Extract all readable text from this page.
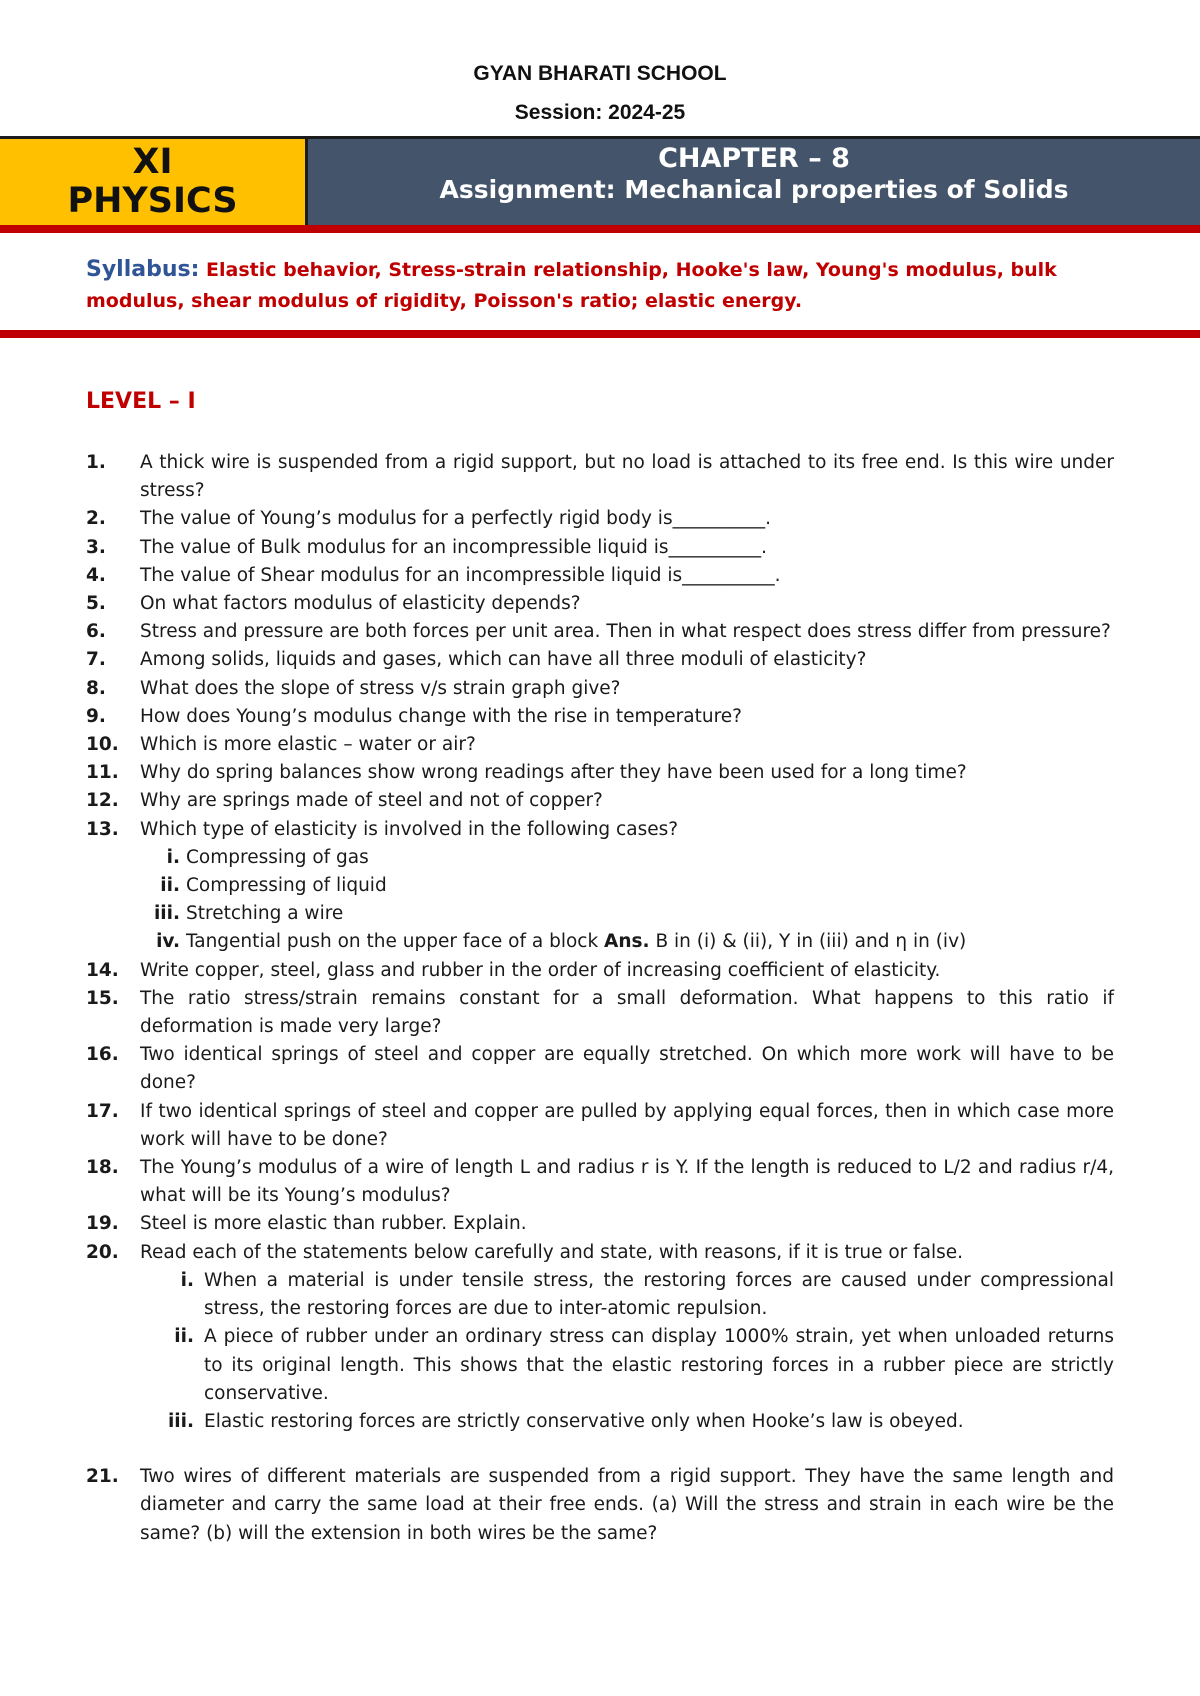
GYAN BHARATI SCHOOL
Session: 2024-25
XI
PHYSICS
CHAPTER – 8
Assignment: Mechanical properties of Solids
Syllabus: Elastic behavior, Stress-strain relationship, Hooke's law, Young's modulus, bulk modulus, shear modulus of rigidity, Poisson's ratio; elastic energy.
LEVEL – I
1.	A thick wire is suspended from a rigid support, but no load is attached to its free end. Is this wire under stress?
2.	The value of Young’s modulus for a perfectly rigid body is__________.
3.	The value of Bulk modulus for an incompressible liquid is__________.
4.	The value of Shear modulus for an incompressible liquid is__________.
5.	On what factors modulus of elasticity depends?
6.	Stress and pressure are both forces per unit area. Then in what respect does stress differ from pressure?
7.	Among solids, liquids and gases, which can have all three moduli of elasticity?
8.	What does the slope of stress v/s strain graph give?
9.	How does Young’s modulus change with the rise in temperature?
10.	Which is more elastic – water or air?
11.	Why do spring balances show wrong readings after they have been used for a long time?
12.	Why are springs made of steel and not of copper?
13.	Which type of elasticity is involved in the following cases?
i. Compressing of gas
ii. Compressing of liquid
iii. Stretching a wire
iv. Tangential push on the upper face of a block Ans. B in (i) & (ii), Y in (iii) and η in (iv)
14.	Write copper, steel, glass and rubber in the order of increasing coefficient of elasticity.
15.	The ratio stress/strain remains constant for a small deformation. What happens to this ratio if deformation is made very large?
16.	Two identical springs of steel and copper are equally stretched. On which more work will have to be done?
17.	If two identical springs of steel and copper are pulled by applying equal forces, then in which case more work will have to be done?
18.	The Young’s modulus of a wire of length L and radius r is Y. If the length is reduced to L/2 and radius r/4, what will be its Young’s modulus?
19.	Steel is more elastic than rubber. Explain.
20.	Read each of the statements below carefully and state, with reasons, if it is true or false.
i. When a material is under tensile stress, the restoring forces are caused under compressional stress, the restoring forces are due to inter-atomic repulsion.
ii. A piece of rubber under an ordinary stress can display 1000% strain, yet when unloaded returns to its original length. This shows that the elastic restoring forces in a rubber piece are strictly conservative.
iii. Elastic restoring forces are strictly conservative only when Hooke’s law is obeyed.
21.	Two wires of different materials are suspended from a rigid support. They have the same length and diameter and carry the same load at their free ends. (a) Will the stress and strain in each wire be the same? (b) will the extension in both wires be the same?
